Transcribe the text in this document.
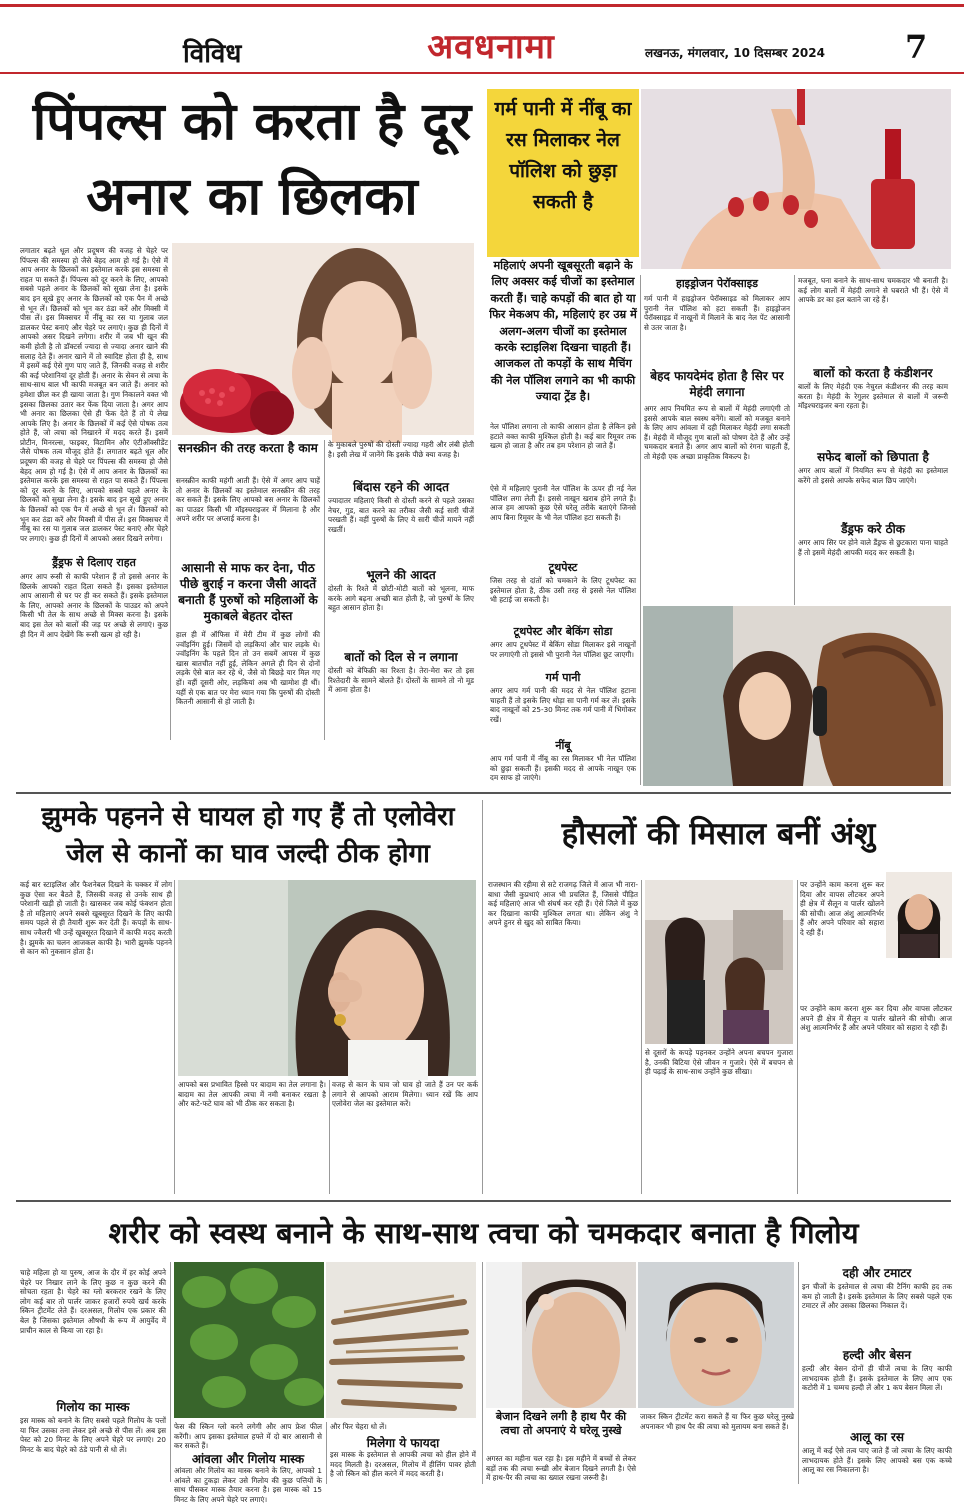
विविध	अवधनामा	लखनऊ, मंगलवार, 10 दिसम्बर 2024	7
पिंपल्स को करता है दूर
अनार का छिलका
लगातार बढ़ते धूल और प्रदूषण की वजह से चेहरे पर पिंपल्स की समस्या हो जैसे बेहद आम हो गई है। ऐसे में आप अनार के छिलकों का इस्तेमाल करके इस समस्या से राहत पा सकते हैं। पिंपल्स को दूर करने के लिए, आपको सबसे पहले अनार के छिलकों को सुखा लेना है। इसके बाद इन सूखे हुए अनार के छिलकों को एक पैन में अच्छे से भून लें। छिलकों को भून कर ठंडा करें और मिक्सी में पीस लें। इस मिक्सचर में नींबू का रस या गुलाब जल डालकर पेस्ट बनाएं और चेहरे पर लगाएं। कुछ ही दिनों में आपको असर दिखने लगेगा। शरीर में जब भी खून की कमी होती है तो डॉक्टर्स ज्यादा से ज्यादा अनार खाने की सलाह देते हैं। अनार खाने में तो स्वादिष्ट होता ही है, साथ में इसमें कई ऐसे गुण पाए जाते हैं, जिनकी वजह से शरीर की कई परेशानियां दूर होती हैं। अनार के सेवन से त्वचा के साथ-साथ बाल भी काफी मजबूत बन जाते हैं। अनार को हमेशा छील कर ही खाया जाता है। गुण निकालने वक्त भी इसका छिलका उतार कर फेंक दिया जाता है। अगर आप भी अनार का छिलका ऐसे ही फेंक देते हैं तो ये लेख आपके लिए है। अनार के छिलकों में कई ऐसे पोषक तत्व होते हैं, जो त्वचा को निखारने में मदद करते हैं। इसमें प्रोटीन, मिनरल्स, फाइबर, विटामिन और एंटीऑक्सीडेंट जैसे पोषक तत्व मौजूद होते हैं। लगातार बढ़ते धूल और प्रदूषण की वजह से चेहरे पर पिंपल्स की समस्या हो जैसे बेहद आम हो गई है। ऐसे में आप अनार के छिलकों का इस्तेमाल करके इस समस्या से राहत पा सकते हैं। पिंपल्स को दूर करने के लिए, आपको सबसे पहले अनार के छिलकों को सुखा लेना है। इसके बाद इन सूखे हुए अनार के छिलकों को एक पैन में अच्छे से भून लें। छिलकों को भून कर ठंडा करें और मिक्सी में पीस लें। इस मिक्सचर में नींबू का रस या गुलाब जल डालकर पेस्ट बनाएं और चेहरे पर लगाएं। कुछ ही दिनों में आपको असर दिखने लगेगा।
ड्रैंड्रफ से दिलाए राहत
अगर आप रूसी से काफी परेशान हैं तो इससे अनार के छिलके आपको राहत दिला सकते हैं। इसका इस्तेमाल आप आसानी से घर पर ही कर सकते हैं। इसके इस्तेमाल के लिए, आपको अनार के छिलकों के पाउडर को अपने किसी भी तेल के साथ अच्छे से मिक्स करना है। इसके बाद इस तेल को बालों की जड़ पर अच्छे से लगाएं। कुछ ही दिन में आप देखेंगे कि रूसी खत्म हो रही है।
सनस्क्रीन की तरह करता है काम
सनस्क्रीन काफी महंगी आती हैं। ऐसे में अगर आप चाहें तो अनार के छिलकों का इस्तेमाल सनस्क्रीन की तरह कर सकते हैं। इसके लिए आपको बस अनार के छिलकों का पाउडर किसी भी मॉइस्चराइजर में मिलाना है और अपने शरीर पर अप्लाई करना है।
आसानी से माफ कर देना, पीठ पीछे बुराई न करना जैसी आदतें बनाती हैं पुरुषों को महिलाओं के मुकाबले बेहतर दोस्त
हाल ही में ऑफिस में मेरी टीम में कुछ लोगों की ज्वॉइनिंग हुई। जिसमें दो लड़कियां और चार लड़के थे। ज्वॉइनिंग के पहले दिन तो उन सबमें आपस में कुछ खास बातचीत नहीं हुई, लेकिन अगले ही दिन से दोनों लड़के ऐसे बात कर रहे थे, जैसे वो बिछड़े यार मिल गए हों। वहीं दूसरी ओर, लड़कियां अब भी खामोश ही थीं। यहीं से एक बात पर मेरा ध्यान गया कि पुरुषों की दोस्ती कितनी आसानी से हो जाती है।
के मुकाबले पुरुषों की दोस्ती ज्यादा गहरी और लंबी होती है। इसी लेख में जानेंगे कि इसके पीछे क्या वजह है।
बिंदास रहने की आदत
ज्यादातर महिलाएं किसी से दोस्ती करने से पहले उसका नेचर, गुड, बात करने का तरीका जैसी कई सारी चीजें परखती हैं। वहीं पुरुषों के लिए ये सारी चीजें मायने नहीं रखतीं।
भूलने की आदत
दोस्ती के रिश्ते में छोटी-मोटी बातों को भूलना, माफ करके आगे बढ़ना अच्छी बात होती है, जो पुरुषों के लिए बहुत आसान होता है।
बातों को दिल से न लगाना
दोस्ती को बेफिक्री का रिश्ता है। तेरा-मेरा कर तो इस रिश्तेदारी के सामने बोलते हैं। दोस्तों के सामने तो नो मूड में आना होता है।
गर्म पानी में नींबू का रस मिलाकर नेल पॉलिश को छुड़ा सकती है
महिलाएं अपनी खूबसूरती बढ़ाने के लिए अक्सर कई चीजों का इस्तेमाल करती हैं। चाहे कपड़ों की बात हो या फिर मेकअप की, महिलाएं हर उम्र में अलग-अलग चीजों का इस्तेमाल करके स्टाइलिश दिखना चाहती हैं। आजकल तो कपड़ों के साथ मैचिंग की नेल पॉलिश लगाने का भी काफी ज्यादा ट्रेंड है।
नेल पॉलिश लगाना तो काफी आसान होता है लेकिन इसे हटाते वक्त काफी मुश्किल होती है। कई बार रिमूवर तक खत्म हो जाता है और तब हम परेशान हो जाते हैं।
ऐसे में महिलाएं पुरानी नेल पॉलिश के ऊपर ही नई नेल पॉलिश लगा लेती हैं। इससे नाखून खराब होने लगते हैं। आज हम आपको कुछ ऐसे घरेलू तरीके बताएंगे जिनसे आप बिना रिमूवर के भी नेल पॉलिश हटा सकती हैं।
टूथपेस्ट
जिस तरह से दांतों को चमकाने के लिए टूथपेस्ट का इस्तेमाल होता है, ठीक उसी तरह से इससे नेल पॉलिश भी हटाई जा सकती है।
टूथपेस्ट और बेकिंग सोडा
अगर आप टूथपेस्ट में बेकिंग सोडा मिलाकर इसे नाखूनों पर लगाएंगी तो इससे भी पुरानी नेल पॉलिश छूट जाएगी।
गर्म पानी
अगर आप गर्म पानी की मदद से नेल पॉलिश हटाना चाहती हैं तो इसके लिए थोड़ा सा पानी गर्म कर लें। इसके बाद नाखूनों को 25-30 मिनट तक गर्म पानी में भिगोकर रखें।
नींबू
आप गर्म पानी में नींबू का रस मिलाकर भी नेल पॉलिश को छुड़ा सकती हैं। इसकी मदद से आपके नाखून एक दम साफ हो जाएंगे।
हाइड्रोजन पेरॉक्साइड
गर्म पानी में हाइड्रोजन पेरॉक्साइड को मिलाकर आप पुरानी नेल पॉलिश को हटा सकती हैं। हाइड्रोजन पेरॉक्साइड में नाखूनों में मिलाने के बाद नेल पेंट आसानी से उतर जाता है।
बेहद फायदेमंद होता है सिर पर मेहंदी लगाना
अगर आप नियमित रूप से बालों में मेहंदी लगाएंगी तो इससे आपके बाल स्वस्थ बनेंगे। बालों को मजबूत बनाने के लिए आप आंवला में दही मिलाकर मेहंदी लगा सकती हैं। मेहंदी में मौजूद गुण बालों को पोषण देते हैं और उन्हें चमकदार बनाते हैं। अगर आप बालों को रंगना चाहती हैं, तो मेहंदी एक अच्छा प्राकृतिक विकल्प है।
मजबूत, घना बनाने के साथ-साथ चमकदार भी बनाती है। कई लोग बालों में मेहंदी लगाने से घबराते भी हैं। ऐसे में आपके डर का हल बताने जा रहे हैं।
बालों को करता है कंडीशनर
बालों के लिए मेहंदी एक नेचुरल कंडीशनर की तरह काम करता है। मेहंदी के रेगुलर इस्तेमाल से बालों में जरूरी मॉइश्चराइजर बना रहता है।
सफेद बालों को छिपाता है
अगर आप बालों में नियमित रूप से मेहंदी का इस्तेमाल करेंगे तो इससे आपके सफेद बाल छिप जाएंगे।
डैंड्रफ करे ठीक
अगर आप सिर पर होने वाले डैंड्रफ से छुटकारा पाना चाहते हैं तो इसमें मेहंदी आपकी मदद कर सकती है।
झुमके पहनने से घायल हो गए हैं तो एलोवेरा
जेल से कानों का घाव जल्दी ठीक होगा
कई बार स्टाइलिश और फैशनेबल दिखने के चक्कर में लोग कुछ ऐसा कर बैठते हैं, जिसकी वजह से उनके साथ ही परेशानी खड़ी हो जाती है। खासकर जब कोई फंक्शन होता है तो महिलाएं अपने सबसे खूबसूरत दिखने के लिए काफी समय पहले से ही तैयारी शुरू कर देती हैं। कपड़ों के साथ-साथ ज्वैलरी भी उन्हें खूबसूरत दिखाने में काफी मदद करती है। झुमके का चलन आजकल काफी है। भारी झुमके पहनने से कान को नुकसान होता है।
आपको बस प्रभावित हिस्से पर बादाम का तेल लगाना है। बादाम का तेल आपकी त्वचा में नमी बनाकर रखता है और कटे-फटे घाव को भी ठीक कर सकता है।
वजह से कान के घाव जो घाव हो जाते हैं उन पर कर्क लगाने से आपको आराम मिलेगा। ध्यान रखें कि आप एलोवेरा जेल का इस्तेमाल करें।
हौसलों की मिसाल बनीं अंशु
राजस्थान की रहीमा से सटे राजगढ़ जिले में आज भी नारा-बाधा जैसी कुप्रथाएं आज भी प्रचलित हैं, जिससे पीड़ित कई महिलाएं आज भी संघर्ष कर रही हैं। ऐसे जिले में कुछ कर दिखाना काफी मुश्किल लगता था। लेकिन अंशु ने अपने हुनर से खुद को साबित किया।
से दूसरों के कपड़े पहनकर उन्होंने अपना बचपन गुजारा है, उनकी बिटिया ऐसे जीवन न गुजारे। ऐसे में बचपन से ही पढ़ाई के साथ-साथ उन्होंने कुछ सीखा।
पर उन्होंने काम करना शुरू कर दिया और वापस लौटकर अपने ही क्षेत्र में सैलून व पार्लर खोलने की सोची। आज अंशु आत्मनिर्भर हैं और अपने परिवार को सहारा दे रही हैं।
पर उन्होंने काम करना शुरू कर दिया और वापस लौटकर अपने ही क्षेत्र में सैलून व पार्लर खोलने की सोची। आज अंशु आत्मनिर्भर हैं और अपने परिवार को सहारा दे रही हैं।
शरीर को स्वस्थ बनाने के साथ-साथ त्वचा को चमकदार बनाता है गिलोय
चाहे महिला हो या पुरुष, आज के दौर में हर कोई अपने चेहरे पर निखार लाने के लिए कुछ न कुछ करने की सोचता रहता है। चेहरे का ग्लो बरकरार रखने के लिए लोग कई बार तो पार्लर जाकर हजारों रुपये खर्च करके स्किन ट्रीटमेंट लेते हैं। दरअसल, गिलोय एक प्रकार की बेल है जिसका इस्तेमाल औषधी के रूप में आयुर्वेद में प्राचीन काल से किया जा रहा है।
गिलोय का मास्क
इस मास्क को बनाने के लिए सबसे पहले गिलोय के पत्तों या फिर उसका तना लेकर इसे अच्छे से पीस लें। अब इस पेस्ट को 20 मिनट के लिए अपने चेहरे पर लगाएं। 20 मिनट के बाद चेहरे को ठंडे पानी से धो लें।
फेस की स्किन ग्लो करने लगेगी और आप फ्रेश फील करेंगी। आप इसका इस्तेमाल हफ्ते में दो बार आसानी से कर सकते हैं।
आंवला और गिलोय मास्क
आंवला और गिलोय का मास्क बनाने के लिए, आपको 1 आंवले का टुकड़ा लेकर उसे गिलोय की कुछ पत्तियों के साथ पीसकर मास्क तैयार करना है। इस मास्क को 15 मिनट के लिए अपने चेहरे पर लगाएं।
और फिर चेहरा धो लें।
मिलेगा ये फायदा
इस मास्क के इस्तेमाल से आपकी त्वचा को हील होने में मदद मिलती है। दरअसल, गिलोय में हीलिंग पावर होती है जो स्किन को हील करने में मदद करती है।
बेजान दिखने लगी है हाथ पैर की त्वचा तो अपनाएं ये घरेलू नुस्खे
अगस्त का महीना चल रहा है। इस महीने में बच्चों से लेकर बड़ों तक की त्वचा रूखी और बेजान दिखने लगती है। ऐसे में हाथ-पैर की त्वचा का ख्याल रखना जरूरी है।
जाकर स्किन ट्रीटमेंट करा सकते हैं या फिर कुछ घरेलू नुस्खे अपनाकर भी हाथ पैर की त्वचा को मुलायम बना सकते हैं।
दही और टमाटर
इन चीजों के इस्तेमाल से त्वचा की टैनिंग काफी हद तक कम हो जाती है। इसके इस्तेमाल के लिए सबसे पहले एक टमाटर लें और उसका छिलका निकाल दें।
हल्दी और बेसन
हल्दी और बेसन दोनों ही चीजें त्वचा के लिए काफी लाभदायक होती हैं। इसके इस्तेमाल के लिए आप एक कटोरी में 1 चम्मच हल्दी लें और 1 कप बेसन मिला लें।
आलू का रस
आलू में कई ऐसे तत्व पाए जाते हैं जो त्वचा के लिए काफी लाभदायक होते हैं। इसके लिए आपको बस एक कच्चे आलू का रस निकालना है।
